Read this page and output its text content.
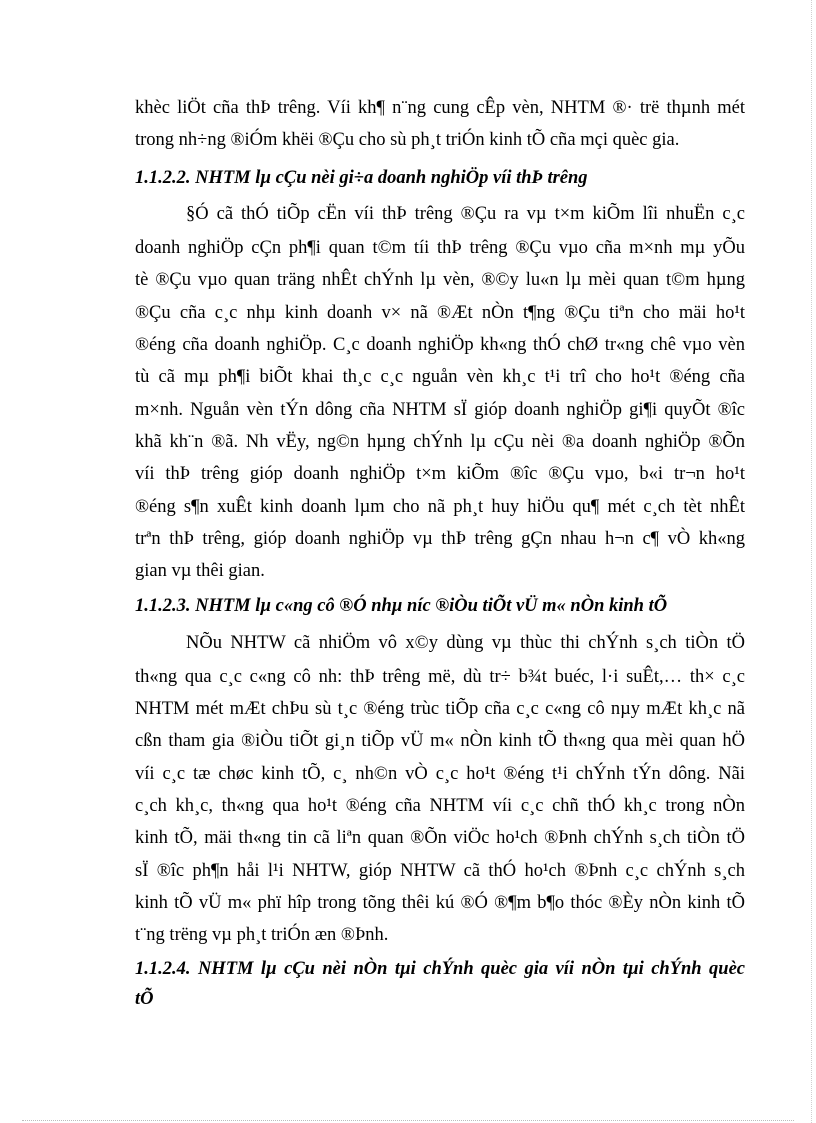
khèc liÖt cña thÞ trêng. Víi kh¶ n¨ng cung cÊp vèn, NHTM ®· trë thµnh mét
trong nh÷ng ®iÓm khëi ®Çu cho sù ph¸t triÓn kinh tÕ cña mçi quèc gia.
1.1.2.2. NHTM lµ cÇu nèi gi÷a doanh nghiÖp víi thÞ trêng
§Ó cã thÓ tiÕp cËn víi thÞ trêng ®Çu ra vµ t×m kiÕm lîi nhuËn c¸c
doanh nghiÖp cÇn ph¶i quan t©m tíi thÞ trêng ®Çu vµo cña m×nh mµ yÕu
tè ®Çu vµo quan träng nhÊt chÝnh lµ vèn, ®©y lu«n lµ mèi quan t©m hµng
®Çu cña c¸c nhµ kinh doanh v× nã ®Æt nÒn t¶ng ®Çu tiªn cho mäi ho¹t
®éng cña doanh nghiÖp. C¸c doanh nghiÖp kh«ng thÓ chØ tr«ng chê vµo vèn
tù cã mµ ph¶i biÕt khai th¸c c¸c nguån vèn kh¸c t¹i trî cho ho¹t ®éng cña
m×nh. Nguån vèn tÝn dông cña NHTM sÏ gióp doanh nghiÖp gi¶i quyÕt ®îc
khã kh¨n ®ã. Nh vËy, ng©n hµng chÝnh lµ cÇu nèi ®a doanh nghiÖp ®Õn
víi thÞ trêng gióp doanh nghiÖp t×m kiÕm ®îc ®Çu vµo, b«i tr¬n ho¹t
®éng s¶n xuÊt kinh doanh lµm cho nã ph¸t huy hiÖu qu¶ mét c¸ch tèt nhÊt
trªn thÞ trêng, gióp doanh nghiÖp vµ thÞ trêng gÇn nhau h¬n c¶ vÒ kh«ng
gian vµ thêi gian.
1.1.2.3. NHTM lµ c«ng cô ®Ó nhµ níc ®iÒu tiÕt vÜ m« nÒn kinh tÕ
NÕu NHTW cã nhiÖm vô x©y dùng vµ thùc thi chÝnh s¸ch tiÒn tÖ
th«ng qua c¸c c«ng cô nh: thÞ trêng më, dù tr÷ b¾t buéc, l·i suÊt,… th× c¸c
NHTM mét mÆt chÞu sù t¸c ®éng trùc tiÕp cña c¸c c«ng cô nµy mÆt kh¸c nã
cßn tham gia ®iÒu tiÕt gi¸n tiÕp vÜ m« nÒn kinh tÕ th«ng qua mèi quan hÖ
víi c¸c tæ chøc kinh tÕ, c¸ nh©n vÒ c¸c ho¹t ®éng t¹i chÝnh tÝn dông. Nãi
c¸ch kh¸c, th«ng qua ho¹t ®éng cña NHTM víi c¸c chñ thÓ kh¸c trong nÒn
kinh tÕ, mäi th«ng tin cã liªn quan ®Õn viÖc ho¹ch ®Þnh chÝnh s¸ch tiÒn tÖ
sÏ ®îc ph¶n håi l¹i NHTW, gióp NHTW cã thÓ ho¹ch ®Þnh c¸c chÝnh s¸ch
kinh tÕ vÜ m« phï hîp trong tõng thêi kú ®Ó ®¶m b¶o thóc ®Èy nÒn kinh tÕ
t¨ng trëng vµ ph¸t triÓn æn ®Þnh.
1.1.2.4. NHTM lµ cÇu nèi nÒn tµi chÝnh quèc gia víi nÒn tµi chÝnh quèc
tÕ
